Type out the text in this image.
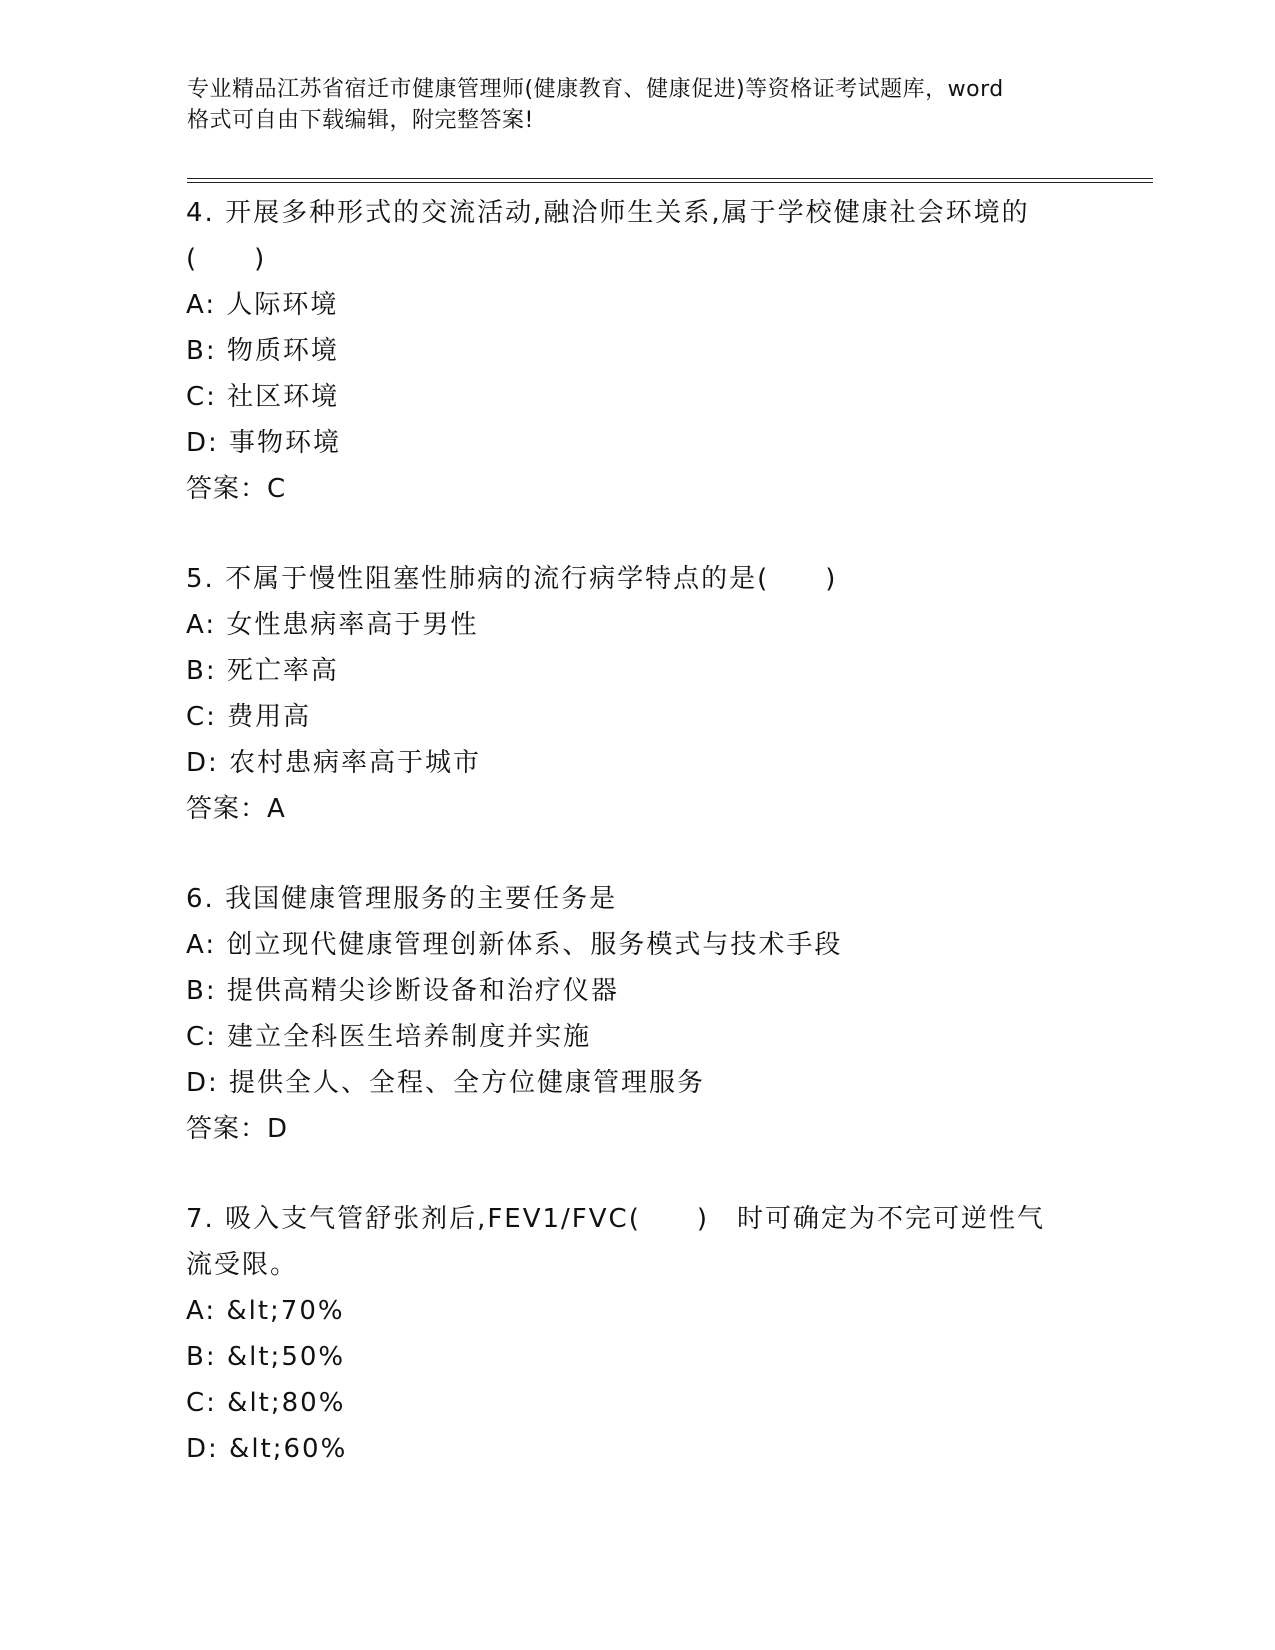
专业精品江苏省宿迁市健康管理师(健康教育、健康促进)等资格证考试题库，word

格式可自由下载编辑，附完整答案!

4. 开展多种形式的交流活动,融洽师生关系,属于学校健康社会环境的
(　　)
A: 人际环境
B: 物质环境
C: 社区环境
D: 事物环境
答案：C
5. 不属于慢性阻塞性肺病的流行病学特点的是(　　)
A: 女性患病率高于男性
B: 死亡率高
C: 费用高
D: 农村患病率高于城市
答案：A
6. 我国健康管理服务的主要任务是
A: 创立现代健康管理创新体系、服务模式与技术手段
B: 提供高精尖诊断设备和治疗仪器
C: 建立全科医生培养制度并实施
D: 提供全人、全程、全方位健康管理服务
答案：D
7. 吸入支气管舒张剂后,FEV1/FVC(　　)　时可确定为不完可逆性气
流受限。
A: &lt;70%
B: &lt;50%
C: &lt;80%
D: &lt;60%
